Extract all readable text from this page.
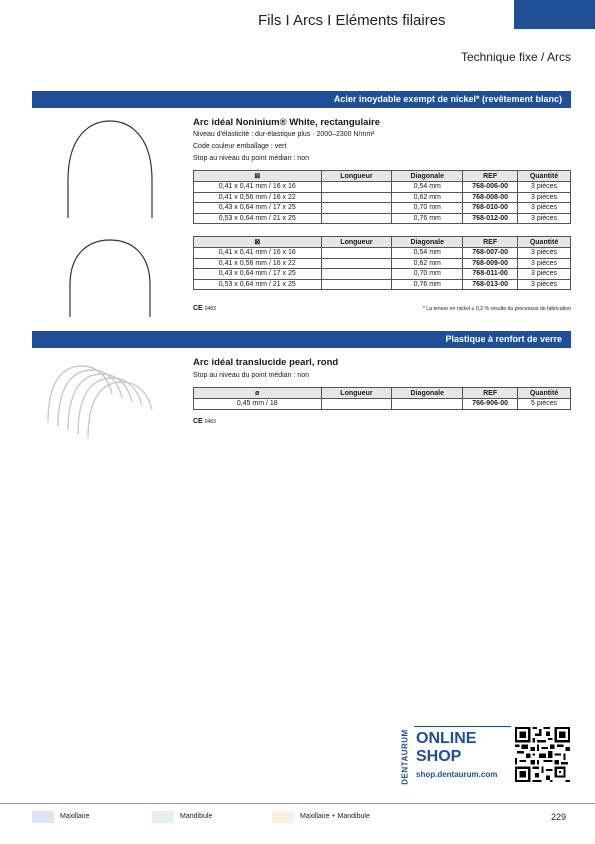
Fils I Arcs I Eléments filaires
Technique fixe / Arcs
Acier inoydable exempt de nickel* (revêtement blanc)
Arc idéal Noninium® White, rectangulaire
Niveau d'élasticité : dur-élastique plus · 2000–2300 N/mm²
Code couleur emballage : vert
Stop au niveau du point médian : non
⊠	Longueur	Diagonale	REF	Quantité
0,41 x 0,41 mm / 16 x 16		0,54 mm	768-006-00	3 pièces
0,41 x 0,56 mm / 16 x 22		0,62 mm	768-008-00	3 pièces
0,43 x 0,64 mm / 17 x 25		0,70 mm	768-010-00	3 pièces
0,53 x 0,64 mm / 21 x 25		0,76 mm	768-012-00	3 pièces
⊠	Longueur	Diagonale	REF	Quantité
0,41 x 0,41 mm / 16 x 16		0,54 mm	768-007-00	3 pièces
0,41 x 0,56 mm / 16 x 22		0,62 mm	768-009-00	3 pièces
0,43 x 0,64 mm / 17 x 25		0,70 mm	768-011-00	3 pièces
0,53 x 0,64 mm / 21 x 25		0,76 mm	768-013-00	3 pièces
CE 0483	* La teneur en nickel ≤ 0,2 % résulte du processus de fabrication
Plastique à renfort de verre
Arc idéal translucide pearl, rond
Stop au niveau du point médian : non
ø	Longueur	Diagonale	REF	Quantité
0,45 mm / 18			766-906-00	5 pièces
CE 0483
DENTAURUM ONLINE
SHOP
shop.dentaurum.com
Maxillaire	Mandibule	Maxillaire + Mandibule	229
